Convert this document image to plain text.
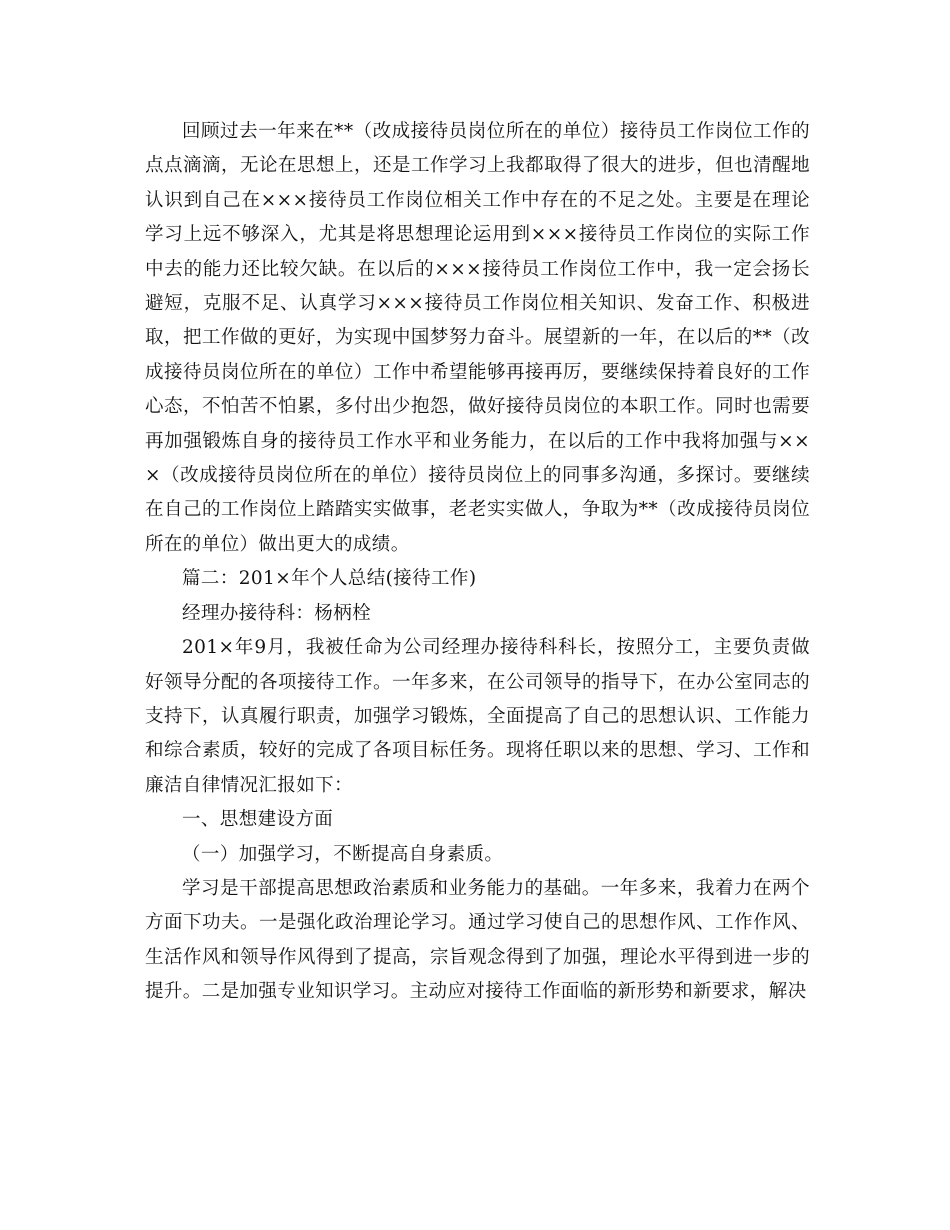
回顾过去一年来在**（改成接待员岗位所在的单位）接待员工作岗位工作的点点滴滴，无论在思想上，还是工作学习上我都取得了很大的进步，但也清醒地认识到自己在×××接待员工作岗位相关工作中存在的不足之处。主要是在理论学习上远不够深入，尤其是将思想理论运用到×××接待员工作岗位的实际工作中去的能力还比较欠缺。在以后的×××接待员工作岗位工作中，我一定会扬长避短，克服不足、认真学习×××接待员工作岗位相关知识、发奋工作、积极进取，把工作做的更好，为实现中国梦努力奋斗。展望新的一年，在以后的**（改成接待员岗位所在的单位）工作中希望能够再接再厉，要继续保持着良好的工作心态，不怕苦不怕累，多付出少抱怨，做好接待员岗位的本职工作。同时也需要再加强锻炼自身的接待员工作水平和业务能力，在以后的工作中我将加强与×××（改成接待员岗位所在的单位）接待员岗位上的同事多沟通，多探讨。要继续在自己的工作岗位上踏踏实实做事，老老实实做人，争取为**（改成接待员岗位所在的单位）做出更大的成绩。

篇二：201×年个人总结(接待工作)

经理办接待科：杨柄栓

201×年9月，我被任命为公司经理办接待科科长，按照分工，主要负责做好领导分配的各项接待工作。一年多来，在公司领导的指导下，在办公室同志的支持下，认真履行职责，加强学习锻炼，全面提高了自己的思想认识、工作能力和综合素质，较好的完成了各项目标任务。现将任职以来的思想、学习、工作和廉洁自律情况汇报如下：

一、思想建设方面

（一）加强学习，不断提高自身素质。

学习是干部提高思想政治素质和业务能力的基础。一年多来，我着力在两个方面下功夫。一是强化政治理论学习。通过学习使自己的思想作风、工作作风、生活作风和领导作风得到了提高，宗旨观念得到了加强，理论水平得到进一步的提升。二是加强专业知识学习。主动应对接待工作面临的新形势和新要求，解决
